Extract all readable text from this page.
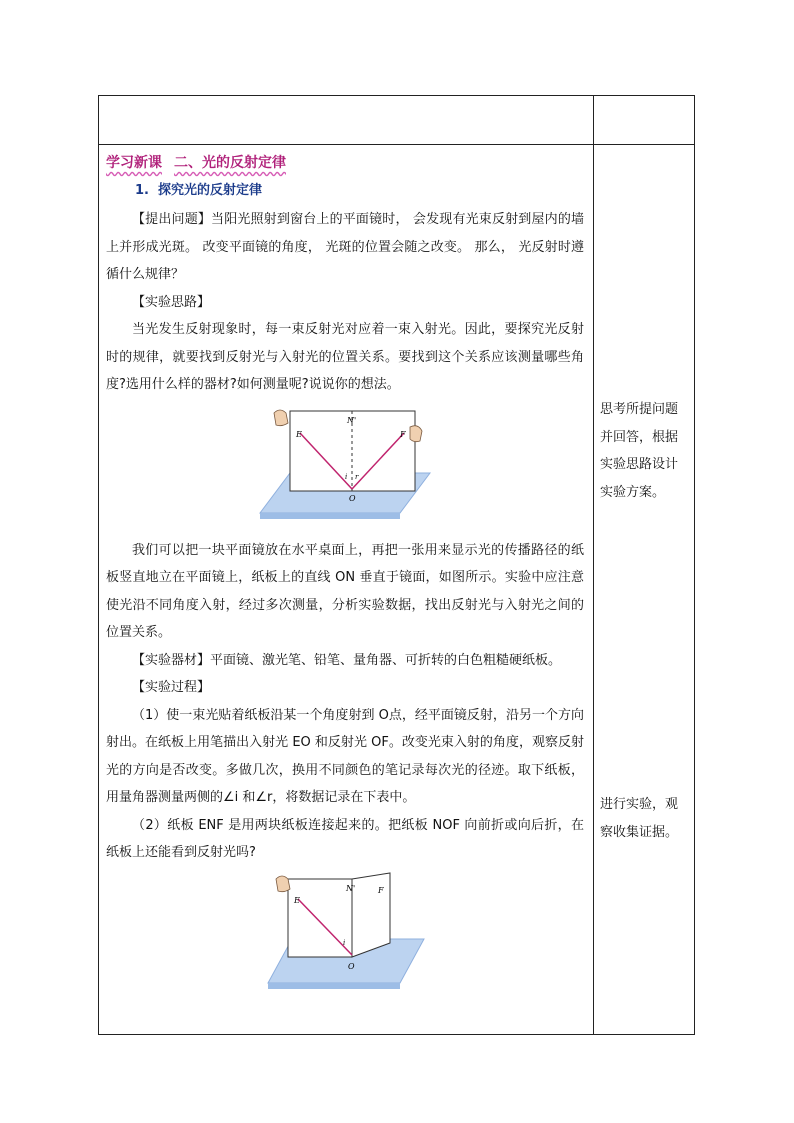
学习新课 二、光的反射定律
1.  探究光的反射定律

【提出问题】当阳光照射到窗台上的平面镜时， 会发现有光束反射到屋内的墙上并形成光斑。 改变平面镜的角度， 光斑的位置会随之改变。 那么， 光反射时遵循什么规律？

【实验思路】

当光发生反射现象时，每一束反射光对应着一束入射光。因此，要探究光反射时的规律，就要找到反射光与入射光的位置关系。要找到这个关系应该测量哪些角度?选用什么样的器材?如何测量呢?说说你的想法。

N'
E	F
O
i r

我们可以把一块平面镜放在水平桌面上，再把一张用来显示光的传播路径的纸板竖直地立在平面镜上，纸板上的直线 ON 垂直于镜面，如图所示。实验中应注意使光沿不同角度入射，经过多次测量，分析实验数据，找出反射光与入射光之间的位置关系。

【实验器材】平面镜、激光笔、铅笔、量角器、可折转的白色粗糙硬纸板。

【实验过程】

（1）使一束光贴着纸板沿某一个角度射到 O点，经平面镜反射，沿另一个方向射出。在纸板上用笔描出入射光 EO 和反射光 OF。改变光束入射的角度，观察反射光的方向是否改变。多做几次，换用不同颜色的笔记录每次光的径迹。取下纸板，用量角器测量两侧的∠i 和∠r，将数据记录在下表中。

（2）纸板 ENF 是用两块纸板连接起来的。把纸板 NOF 向前折或向后折，在纸板上还能看到反射光吗?

N'
E
F
O
i
思考所提问题并回答，根据实验思路设计实验方案。
进行实验，观察收集证据。
